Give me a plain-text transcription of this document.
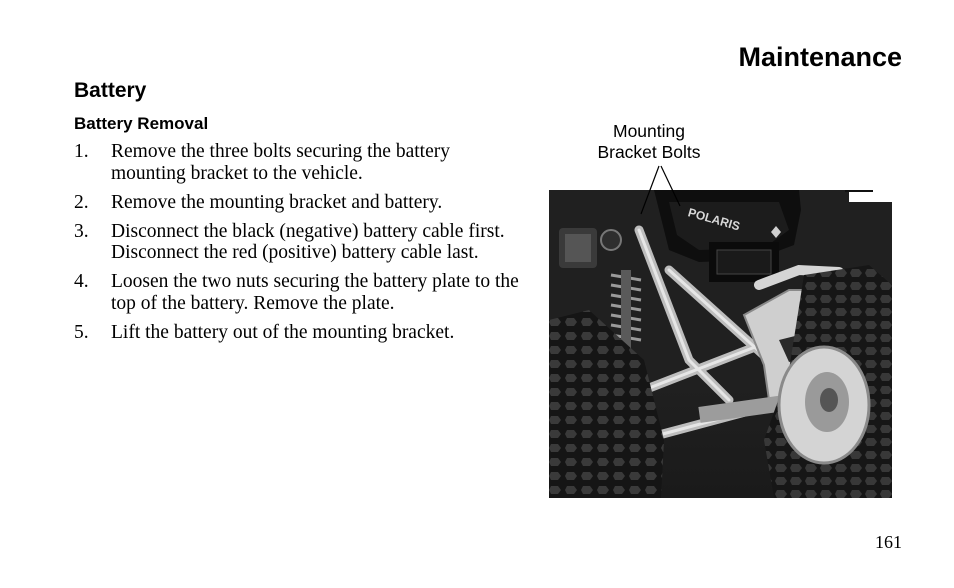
Maintenance
Battery
Battery Removal
1. Remove the three bolts securing the battery mounting bracket to the vehicle.
2. Remove the mounting bracket and battery.
3. Disconnect the black (negative) battery cable first. Disconnect the red (positive) battery cable last.
4. Loosen the two nuts securing the battery plate to the top of the battery. Remove the plate.
5. Lift the battery out of the mounting bracket.
Mounting
Bracket Bolts
POLARIS
161
